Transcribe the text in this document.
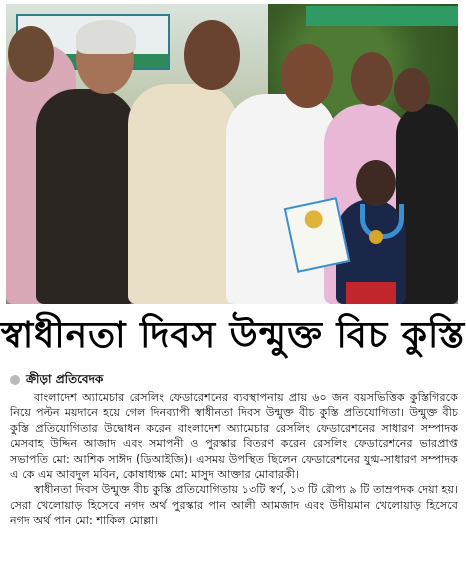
স্বাধীনতা দিবস উন্মুক্ত বিচ কুস্তি
ক্রীড়া প্রতিবেদক

বাংলাদেশ অ্যামেচার রেসলিং ফেডারেশনের ব্যবস্থাপনায় প্রায় ৬০ জন বয়সভিত্তিক কুস্তিগিরকে নিয়ে পল্টন ময়দানে হয়ে গেল দিনব্যাপী স্বাধীনতা দিবস উন্মুক্ত বীচ কুস্তি প্রতিযোগিতা। উন্মুক্ত বীচ কুস্তি প্রতিযোগিতার উদ্বোধন করেন বাংলাদেশ অ্যামেচার রেসলিং ফেডারেশনের সাধারণ সম্পাদক মেসবাহ উদ্দিন আজাদ এবং সমাপনী ও পুরস্কার বিতরণ করেন রেসলিং ফেডারেশনের ভারপ্রাপ্ত সভাপতি মো: আশিক সাঈদ (ডিআইজি)। এসময় উপস্থিত ছিলেন ফেডারেশনের যুগ্ম-সাধারণ সম্পাদক এ কে এম আবদুল মবিন, কোষাধ্যক্ষ মো: মাসুদ আক্তার মোবারকী।

স্বাধীনতা দিবস উন্মুক্ত বীচ কুস্তি প্রতিযোগিতায় ১৩টি স্বর্ণ, ১৩ টি রৌপ্য ৯ টি তাম্রপদক দেয়া হয়। সেরা খেলোয়াড় হিসেবে নগদ অর্থ পুরস্কার পান আলী আমজাদ এবং উদীয়মান খেলোয়াড় হিসেবে নগদ অর্থ পান মো: শাকিল মোল্লা।
